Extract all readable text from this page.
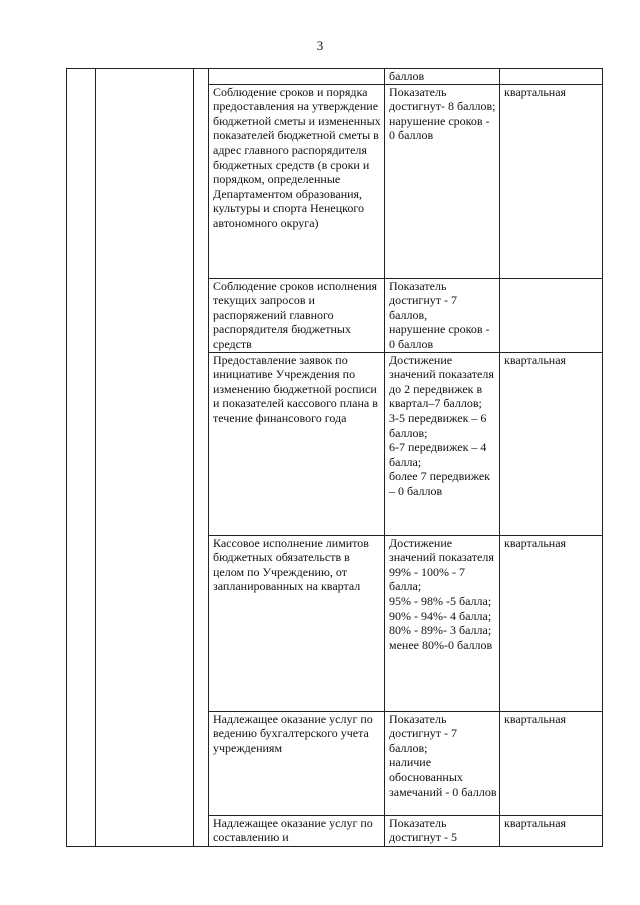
3
				баллов	
			Соблюдение сроков и порядка предоставления на утверждение бюджетной сметы и измененных показателей бюджетной сметы в адрес главного распорядителя бюджетных средств (в сроки и порядком, определенные Департаментом образования, культуры и спорта Ненецкого автономного округа)	Показатель достигнут- 8 баллов;
нарушение сроков - 0 баллов	квартальная
			Соблюдение сроков исполнения текущих запросов и распоряжений главного распорядителя бюджетных средств	Показатель достигнут - 7 баллов,
нарушение сроков - 0 баллов	
			Предоставление заявок по инициативе Учреждения по изменению бюджетной росписи и показателей кассового плана в течение финансового года	Достижение значений показателя до 2 передвижек в квартал–7 баллов;
3-5 передвижек – 6 баллов;
6-7 передвижек – 4 балла;
более 7 передвижек – 0 баллов	квартальная
			Кассовое исполнение лимитов бюджетных обязательств в целом по Учреждению, от запланированных на квартал	Достижение значений показателя 99% - 100% - 7 балла;
95% - 98% -5 балла;
90% - 94%- 4 балла;
80% - 89%- 3 балла;
менее 80%-0 баллов	квартальная
			Надлежащее оказание услуг по ведению бухгалтерского учета учреждениям	Показатель достигнут - 7 баллов;
наличие обоснованных замечаний - 0 баллов	квартальная
			Надлежащее оказание услуг по составлению и	Показатель достигнут - 5	квартальная
